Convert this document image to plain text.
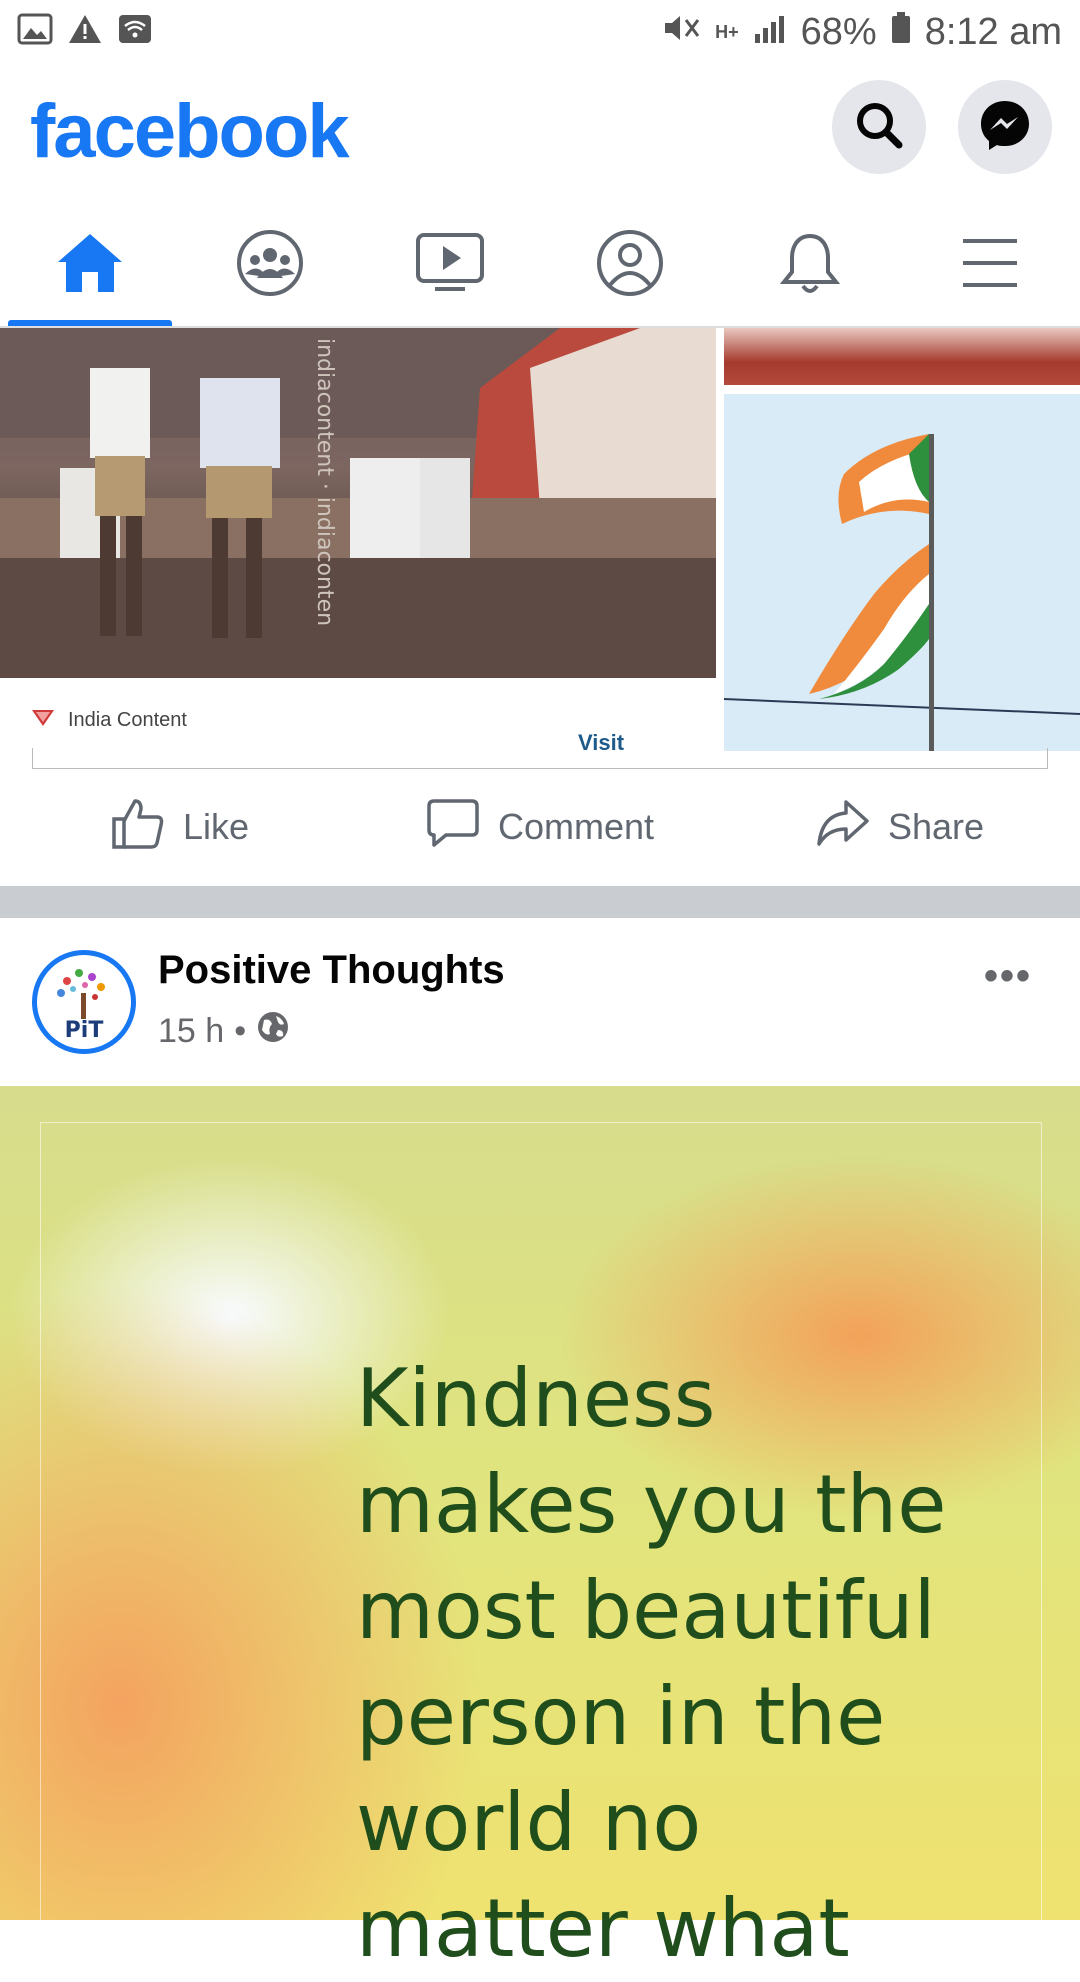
H+ 68% 8:12 am
facebook
indiacontent · indiaconten
India Content
Visit
Like	Comment	Share
PiT
Positive Thoughts
15 h •
•••
Kindness
makes you the
most beautiful
person in the
world no
matter what
